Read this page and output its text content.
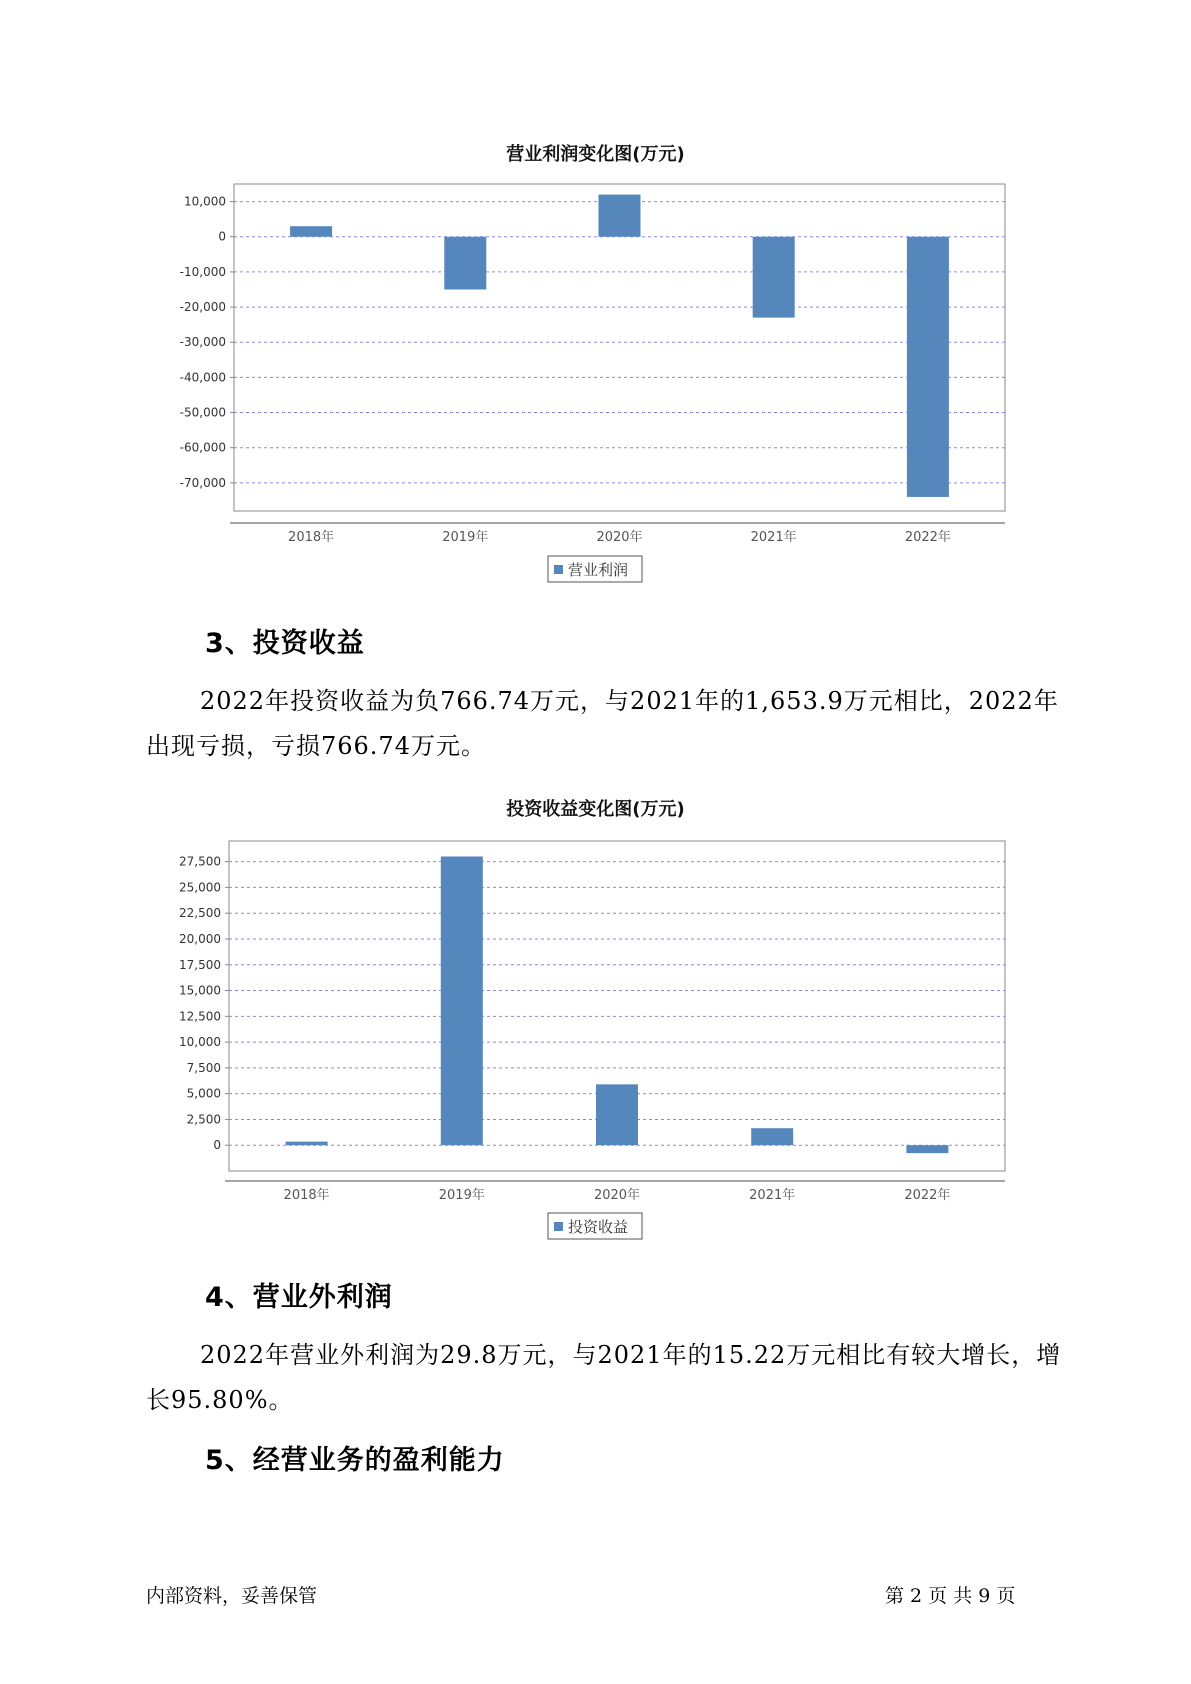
营业利润变化图(万元)
10,000
0
-10,000
-20,000
-30,000
-40,000
-50,000
-60,000
-70,000
2018年	2019年	2020年	2021年	2022年
营业利润
3、投资收益

2022年投资收益为负766.74万元，与2021年的1,653.9万元相比，2022年出现亏损，亏损766.74万元。

投资收益变化图(万元)
27,500
25,000
22,500
20,000
17,500
15,000
12,500
10,000
7,500
5,000
2,500
0
2018年	2019年	2020年	2021年	2022年
投资收益
4、营业外利润

2022年营业外利润为29.8万元，与2021年的15.22万元相比有较大增长，增长95.80%。

5、经营业务的盈利能力
内部资料，妥善保管	第 2 页 共 9 页
